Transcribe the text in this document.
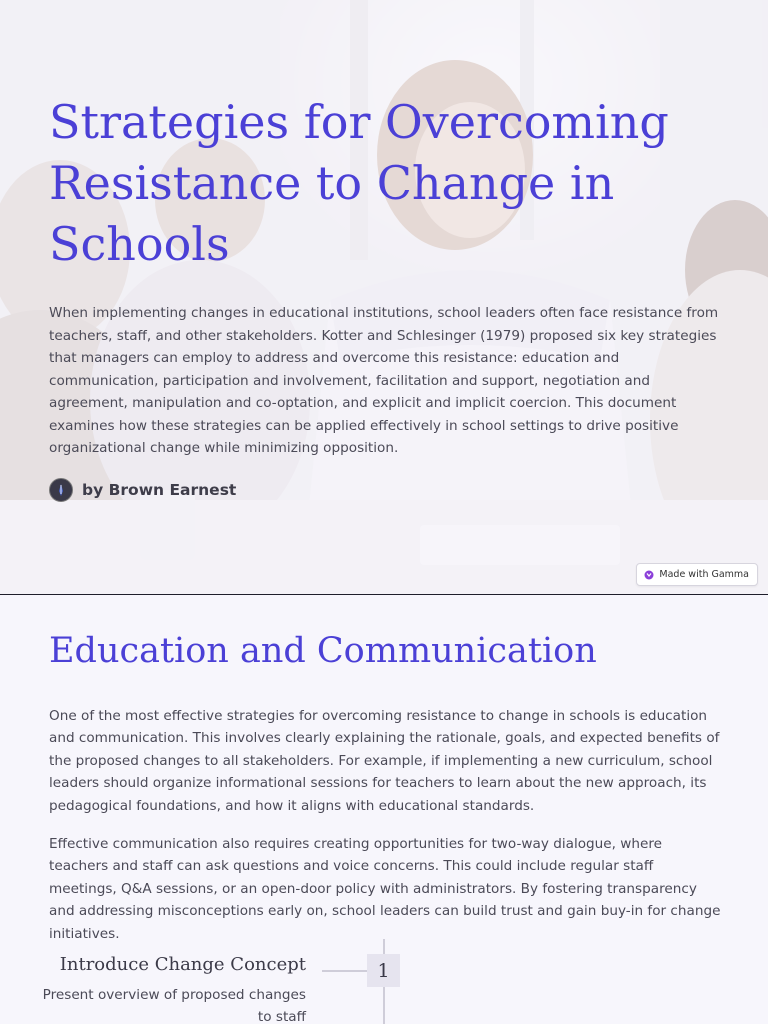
Strategies for Overcoming Resistance to Change in Schools

When implementing changes in educational institutions, school leaders often face resistance from teachers, staff, and other stakeholders. Kotter and Schlesinger (1979) proposed six key strategies that managers can employ to address and overcome this resistance: education and communication, participation and involvement, facilitation and support, negotiation and agreement, manipulation and co-optation, and explicit and implicit coercion. This document examines how these strategies can be applied effectively in school settings to drive positive organizational change while minimizing opposition.

by Brown Earnest
Made with Gamma
Education and Communication

One of the most effective strategies for overcoming resistance to change in schools is education and communication. This involves clearly explaining the rationale, goals, and expected benefits of the proposed changes to all stakeholders. For example, if implementing a new curriculum, school leaders should organize informational sessions for teachers to learn about the new approach, its pedagogical foundations, and how it aligns with educational standards.

Effective communication also requires creating opportunities for two-way dialogue, where teachers and staff can ask questions and voice concerns. This could include regular staff meetings, Q&A sessions, or an open-door policy with administrators. By fostering transparency and addressing misconceptions early on, school leaders can build trust and gain buy-in for change initiatives.

1
Introduce Change Concept

Present overview of proposed changes to staff
